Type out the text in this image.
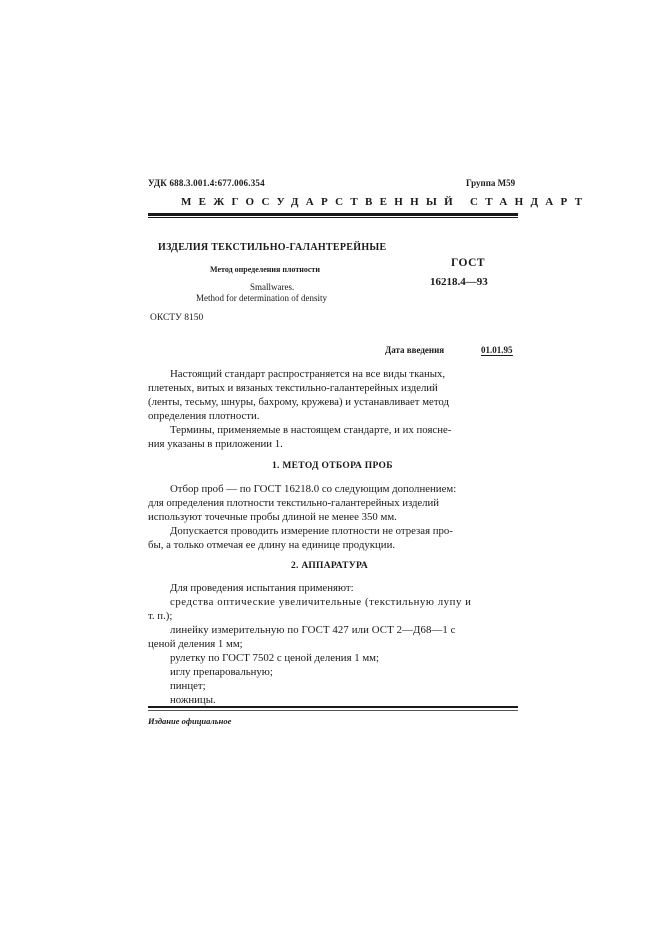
УДК 688.3.001.4:677.006.354	Группа М59
МЕЖГОСУДАРСТВЕННЫЙ СТАНДАРТ
ИЗДЕЛИЯ ТЕКСТИЛЬНО-ГАЛАНТЕРЕЙНЫЕ
Метод определения плотности
Smallwares.
Method for determination of density
ГОСТ
16218.4—93
ОКСТУ 8150
Дата введения	01.01.95
Настоящий стандарт распространяется на все виды тканых,
плетеных, витых и вязаных текстильно-галантерейных изделий
(ленты, тесьму, шнуры, бахрому, кружева) и устанавливает метод
определения плотности.
Термины, применяемые в настоящем стандарте, и их поясне-
ния указаны в приложении 1.
1. МЕТОД ОТБОРА ПРОБ
Отбор проб — по ГОСТ 16218.0 со следующим дополнением:
для определения плотности текстильно-галантерейных изделий
используют точечные пробы длиной не менее 350 мм.
Допускается проводить измерение плотности не отрезая про-
бы, а только отмечая ее длину на единице продукции.
2. АППАРАТУРА
Для проведения испытания применяют:
средства оптические увеличительные (текстильную лупу и
т. п.);
линейку измерительную по ГОСТ 427 или ОСТ 2—Д68—1 с
ценой деления 1 мм;
рулетку по ГОСТ 7502 с ценой деления 1 мм;
иглу препаровальную;
пинцет;
ножницы.
Издание официальное
